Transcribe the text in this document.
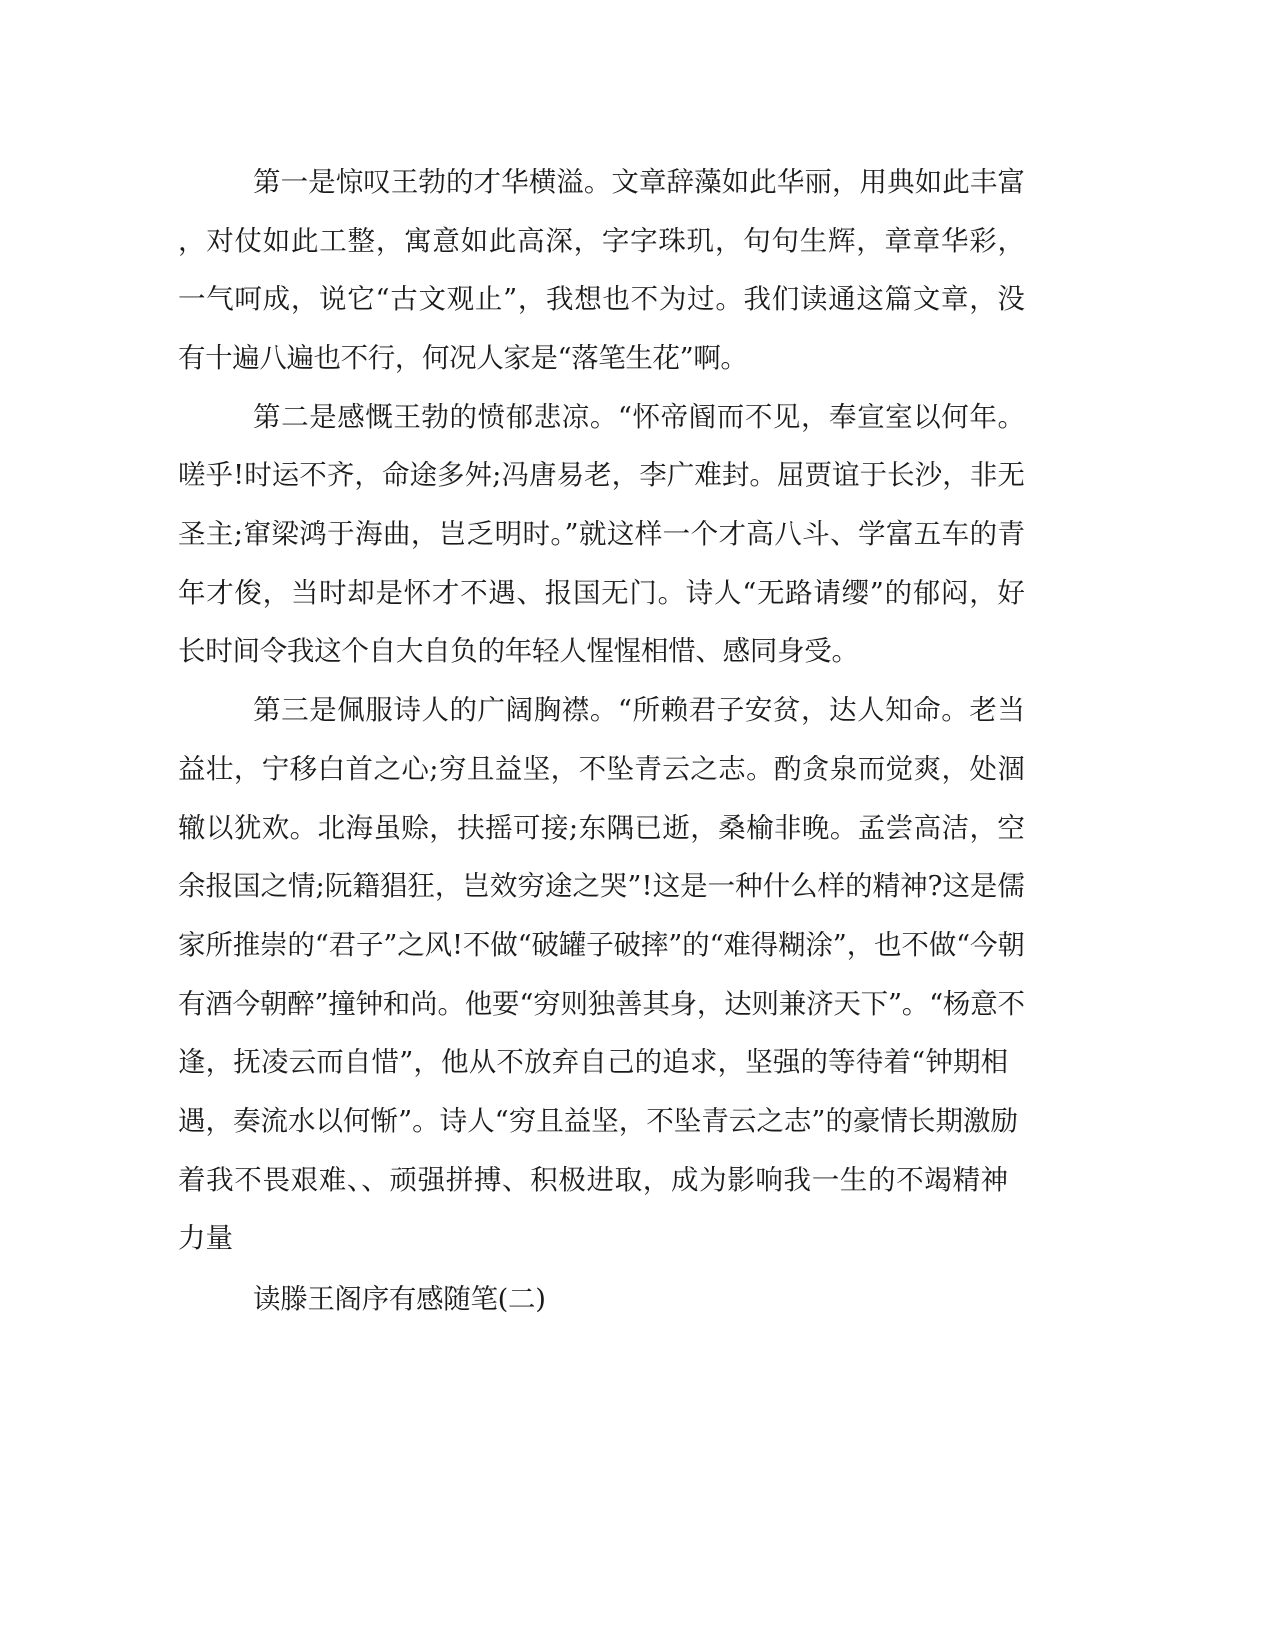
第一是惊叹王勃的才华横溢。文章辞藻如此华丽，用典如此丰富

，对仗如此工整，寓意如此高深，字字珠玑，句句生辉，章章华彩，

一气呵成，说它“古文观止”，我想也不为过。我们读通这篇文章，没

有十遍八遍也不行，何况人家是“落笔生花”啊。

第二是感慨王勃的愤郁悲凉。“怀帝阍而不见，奉宣室以何年。

嗟乎!时运不齐，命途多舛;冯唐易老，李广难封。屈贾谊于长沙，非无

圣主;窜梁鸿于海曲，岂乏明时。”就这样一个才高八斗、学富五车的青

年才俊，当时却是怀才不遇、报国无门。诗人“无路请缨”的郁闷，好

长时间令我这个自大自负的年轻人惺惺相惜、感同身受。

第三是佩服诗人的广阔胸襟。“所赖君子安贫，达人知命。老当

益壮，宁移白首之心;穷且益坚，不坠青云之志。酌贪泉而觉爽，处涸

辙以犹欢。北海虽赊，扶摇可接;东隅已逝，桑榆非晚。孟尝高洁，空

余报国之情;阮籍猖狂，岂效穷途之哭”!这是一种什么样的精神?这是儒

家所推崇的“君子”之风!不做“破罐子破摔”的“难得糊涂”，也不做“今朝

有酒今朝醉”撞钟和尚。他要“穷则独善其身，达则兼济天下”。“杨意不

逢，抚凌云而自惜”，他从不放弃自己的追求，坚强的等待着“钟期相

遇，奏流水以何惭”。诗人“穷且益坚，不坠青云之志”的豪情长期激励

着我不畏艰难、、顽强拼搏、积极进取，成为影响我一生的不竭精神

力量

读滕王阁序有感随笔(二)
